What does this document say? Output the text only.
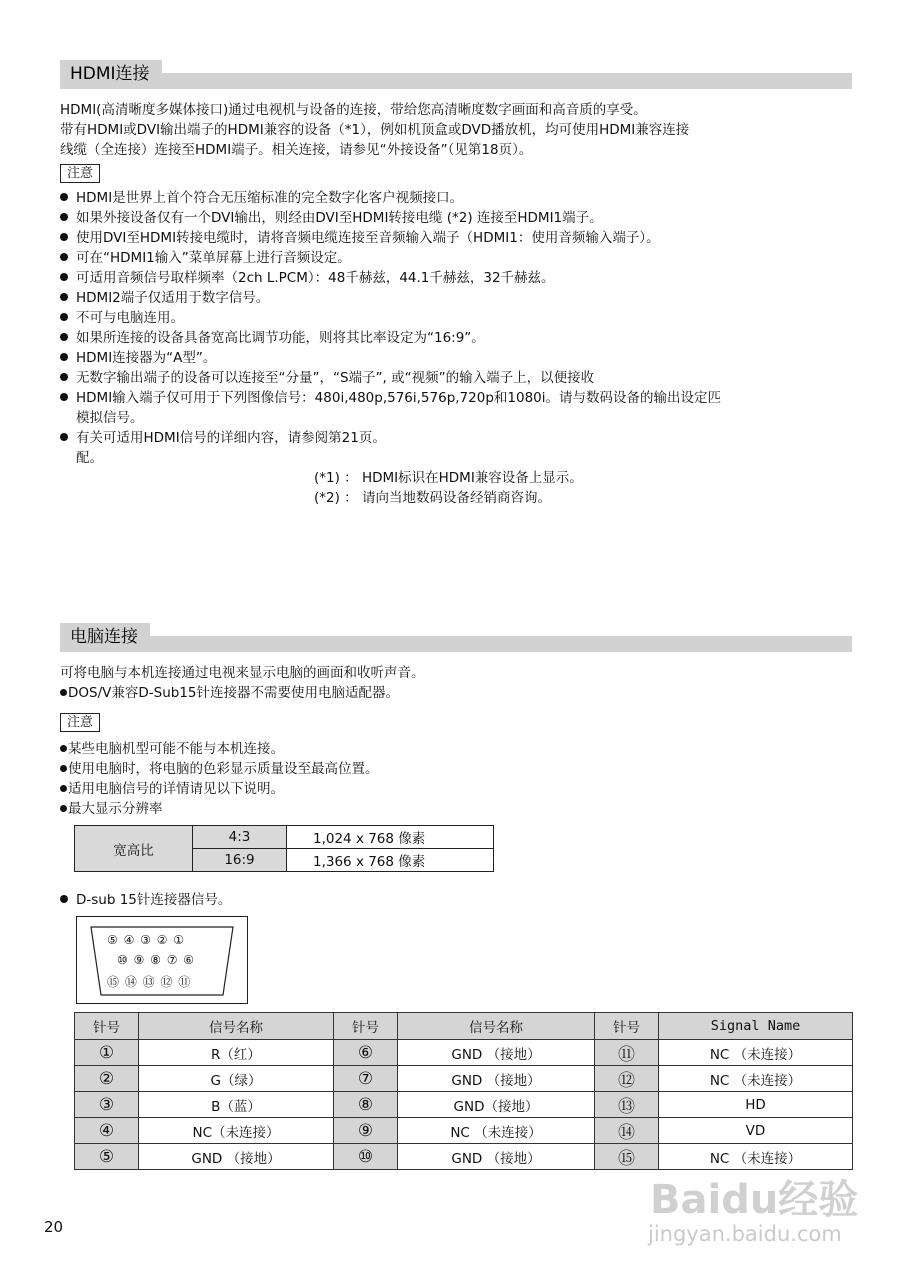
HDMI连接
HDMI(高清晰度多媒体接口)通过电视机与设备的连接，带给您高清晰度数字画面和高音质的享受。
带有HDMI或DVI输出端子的HDMI兼容的设备（*1），例如机顶盒或DVD播放机，均可使用HDMI兼容连接
线缆（全连接）连接至HDMI端子。相关连接，请参见“外接设备”（见第18页）。
注意
HDMI是世界上首个符合无压缩标准的完全数字化客户视频接口。
如果外接设备仅有一个DVI输出，则经由DVI至HDMI转接电缆 (*2) 连接至HDMI1端子。
使用DVI至HDMI转接电缆时，请将音频电缆连接至音频输入端子（HDMI1：使用音频输入端子）。
可在“HDMI1输入”菜单屏幕上进行音频设定。
可适用音频信号取样频率（2ch L.PCM）：48千赫兹，44.1千赫兹，32千赫兹。
HDMI2端子仅适用于数字信号。
不可与电脑连用。
如果所连接的设备具备宽高比调节功能，则将其比率设定为“16:9”。
HDMI连接器为“A型”。
无数字输出端子的设备可以连接至“分量”，“S端子”, 或“视频”的输入端子上，以便接收
HDMI输入端子仅可用于下列图像信号：480i,480p,576i,576p,720p和1080i。请与数码设备的输出设定匹
模拟信号。
有关可适用HDMI信号的详细内容，请参阅第21页。
配。
(*1) ： HDMI标识在HDMI兼容设备上显示。
(*2) ： 请向当地数码设备经销商咨询。
电脑连接
可将电脑与本机连接通过电视来显示电脑的画面和收听声音。
DOS/V兼容D-Sub15针连接器不需要使用电脑适配器。
注意
某些电脑机型可能不能与本机连接。
使用电脑时，将电脑的色彩显示质量设至最高位置。
适用电脑信号的详情请见以下说明。
最大显示分辨率
宽高比	4:3	1,024 x 768 像素
	16:9	1,366 x 768 像素
D-sub 15针连接器信号。
⑤ ④ ③ ② ①
⑩ ⑨ ⑧ ⑦ ⑥
⑮ ⑭ ⑬ ⑫ ⑪
针号	信号名称	针号	信号名称	针号	Signal Name
①	R（红）	⑥	GND （接地）	⑪	NC （未连接）
②	G（绿）	⑦	GND （接地）	⑫	NC （未连接）
③	B（蓝）	⑧	GND（接地）	⑬	HD
④	NC（未连接）	⑨	NC （未连接）	⑭	VD
⑤	GND （接地）	⑩	GND （接地）	⑮	NC （未连接）
20
Baidu经验
jingyan.baidu.com
